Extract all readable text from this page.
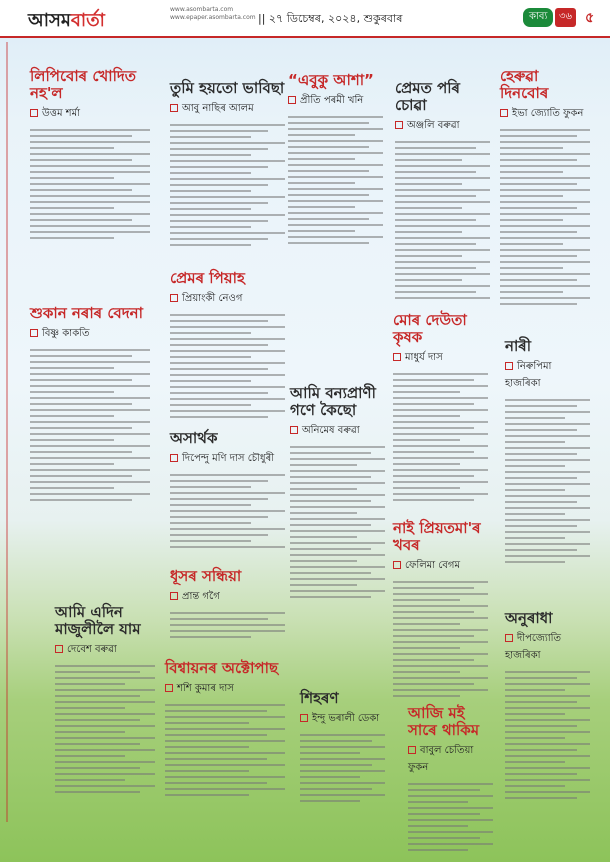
আসমবাৰ্তা
www.asombarta.com
www.epaper.asombarta.com || ২৭ ডিচেম্বৰ, ২০২৪, শুকুৰবাৰ	কাব্য	৩৬ ৫
লিপিবোৰ খোদিত নহ'ল
উত্তম শৰ্মা
শুকান নৰাৰ বেদনা
বিষ্ণু কাকতি
আমি এদিন মাজুলীলৈ যাম
দেবেশ বৰুৱা
তুমি হয়তো ভাবিছা
আবু নাছিৰ আলম
প্ৰেমৰ পিয়াহ
প্ৰিয়াংকী নেওগ
অসাৰ্থক
দিপেন্দু মণি দাস চৌধুৰী
ধূসৰ সন্ধিয়া
প্ৰান্ত গগৈ
বিশ্বায়নৰ অক্টোপাছ
শশি কুমাৰ দাস
“এবুকু আশা”
প্ৰীতি পৰমী খনি
আমি বন্যপ্ৰাণী গণে কৈছো
অনিমেষ বৰুৱা
শিহৰণ
ইন্দু ভৰালী ডেকা
প্ৰেমত পৰি চোৱা
অঞ্জলি বৰুৱা
মোৰ দেউতা কৃষক
মাধুৰ্য দাস
নাই প্ৰিয়তমা'ৰ খবৰ
ফেলিমা বেগম
আজি মই সাৰে থাকিম
বাবুল চেতিয়া ফুকন
হেৰুৱা দিনবোৰ
ইভা জ্যোতি ফুকন
নাৰী
নিৰুপিমা হাজৰিকা
অনুৰাধা
দীপজ্যোতি হাজৰিকা
